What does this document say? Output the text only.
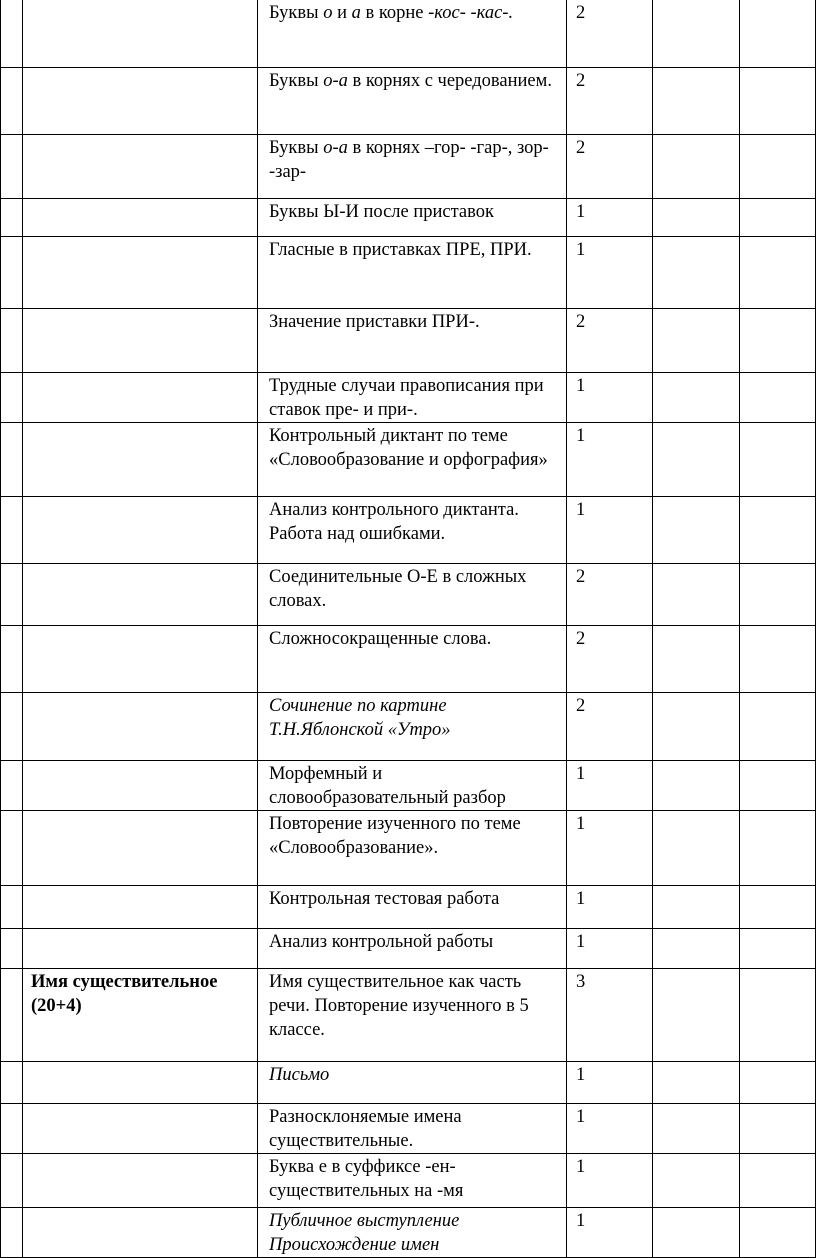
		Буквы о и а в корне -кос- -кас-.	2		

		Буквы о-а в корнях с чередованием.	2		

		Буквы о-а в корнях –гор- -гар-, зор- -зар-	2		

		Буквы Ы-И после приставок	1		

		Гласные в приставках ПРЕ, ПРИ.	1		

		Значение приставки ПРИ-.	2		

		Трудные случаи правописания при ставок пре- и при-.	1		

		Контрольный диктант по теме «Словообразование и орфография»	1		

		Анализ контрольного диктанта. Работа над ошибками.	1		

		Соединительные О-Е в сложных словах.	2		

		Сложносокращенные слова.	2		

		Сочинение по картине Т.Н.Яблонской «Утро»	2		

		Морфемный и словообразовательный разбор	1		

		Повторение изученного по теме «Словообразование».	1		

		Контрольная тестовая работа	1		

		Анализ контрольной работы	1		

	Имя существительное (20+4)	Имя существительное как часть речи. Повторение изученного в 5 классе.	3		

		Письмо	1		

		Разносклоняемые имена существительные.	1		

		Буква е в суффиксе -ен- существительных на -мя	1		

		Публичное выступление Происхождение имен	1		
